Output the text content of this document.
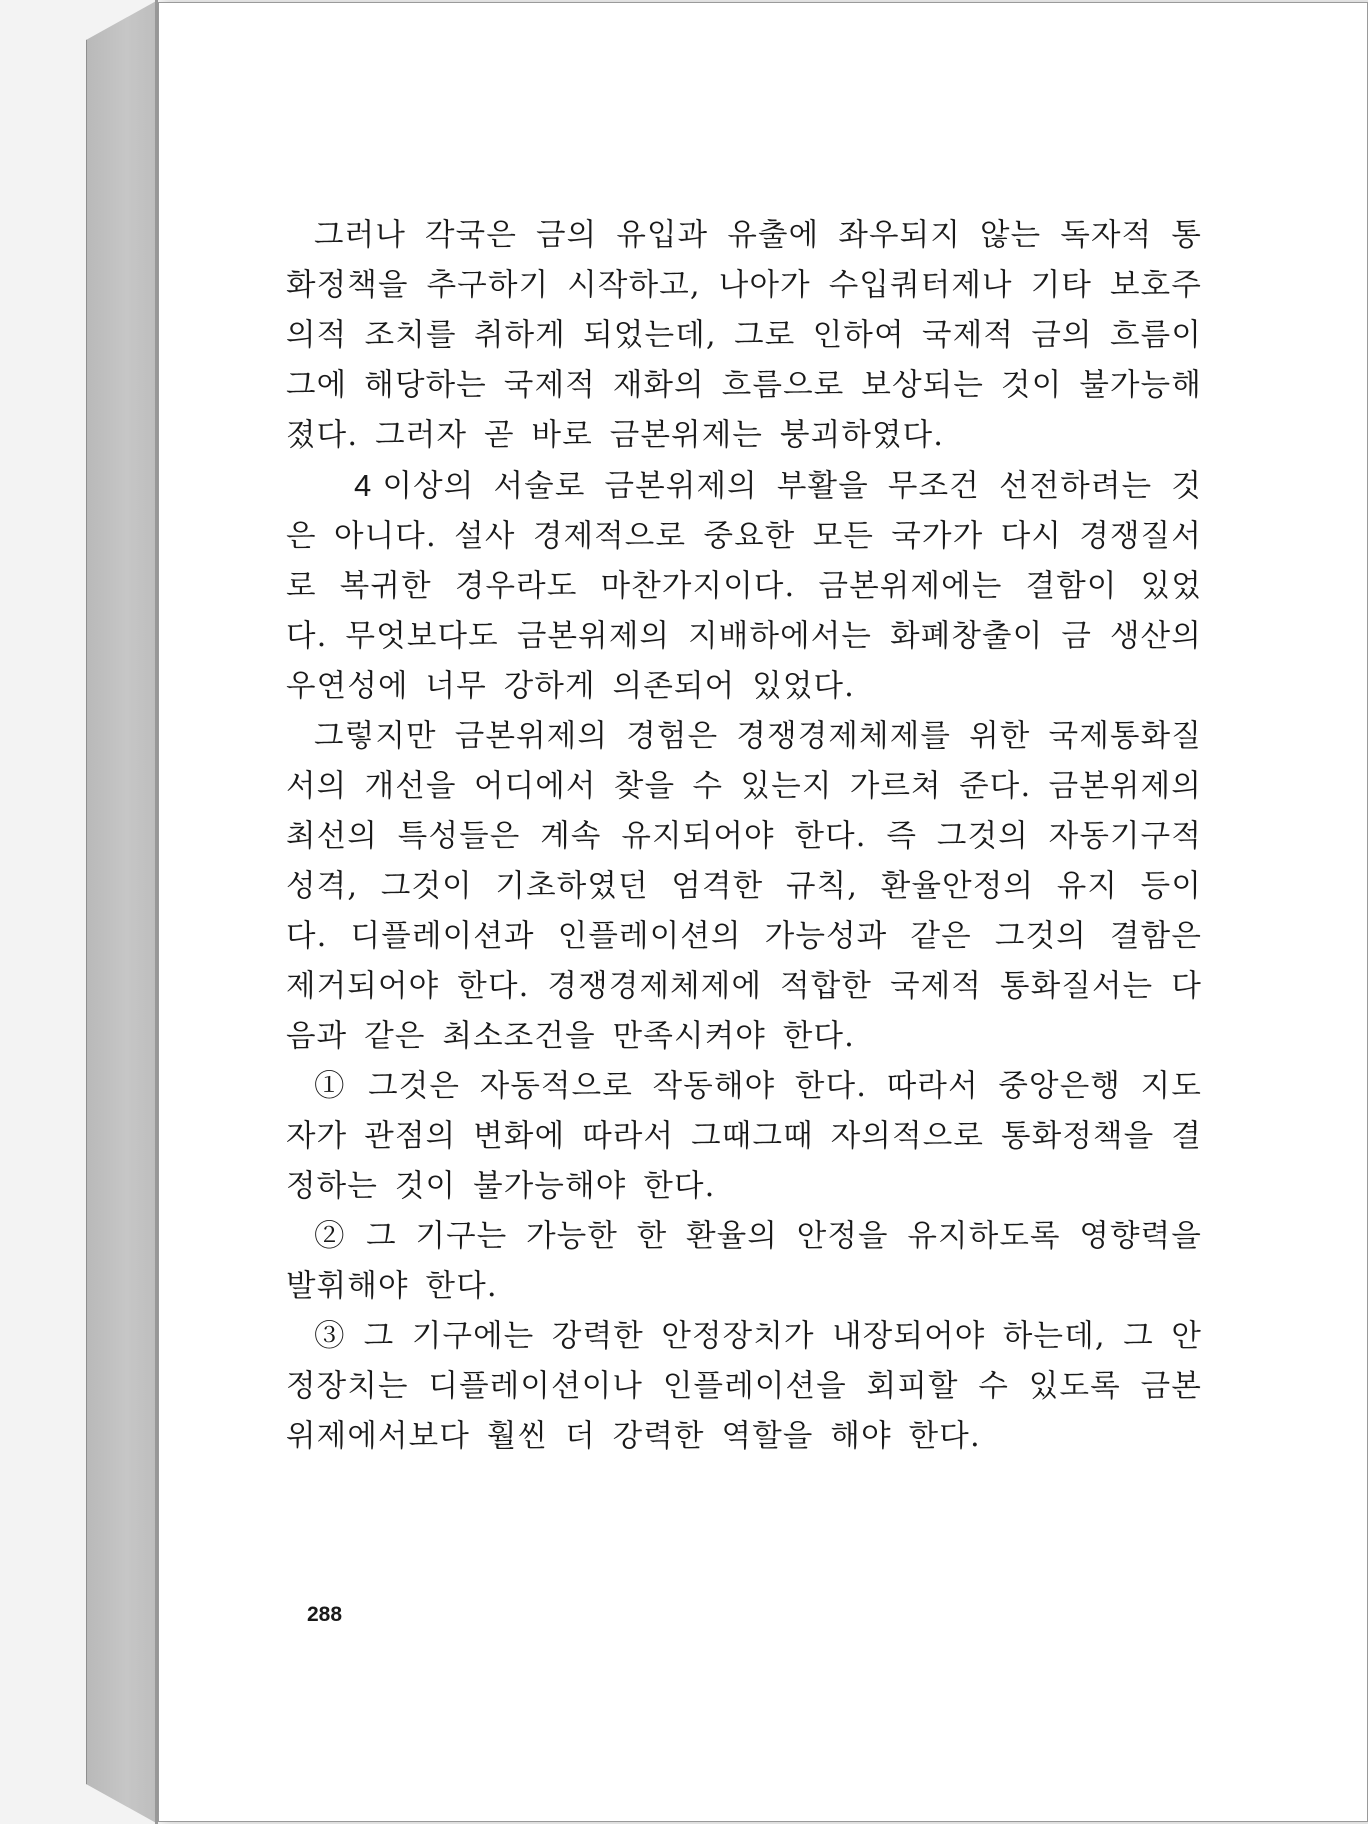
그러나 각국은 금의 유입과 유출에 좌우되지 않는 독자적 통화정책을 추구하기 시작하고, 나아가 수입쿼터제나 기타 보호주의적 조치를 취하게 되었는데, 그로 인하여 국제적 금의 흐름이 그에 해당하는 국제적 재화의 흐름으로 보상되는 것이 불가능해졌다. 그러자 곧 바로 금본위제는 붕괴하였다.

4 이상의 서술로 금본위제의 부활을 무조건 선전하려는 것은 아니다. 설사 경제적으로 중요한 모든 국가가 다시 경쟁질서로 복귀한 경우라도 마찬가지이다. 금본위제에는 결함이 있었다. 무엇보다도 금본위제의 지배하에서는 화폐창출이 금 생산의 우연성에 너무 강하게 의존되어 있었다.

그렇지만 금본위제의 경험은 경쟁경제체제를 위한 국제통화질서의 개선을 어디에서 찾을 수 있는지 가르쳐 준다. 금본위제의 최선의 특성들은 계속 유지되어야 한다. 즉 그것의 자동기구적 성격, 그것이 기초하였던 엄격한 규칙, 환율안정의 유지 등이다. 디플레이션과 인플레이션의 가능성과 같은 그것의 결함은 제거되어야 한다. 경쟁경제체제에 적합한 국제적 통화질서는 다음과 같은 최소조건을 만족시켜야 한다.

① 그것은 자동적으로 작동해야 한다. 따라서 중앙은행 지도자가 관점의 변화에 따라서 그때그때 자의적으로 통화정책을 결정하는 것이 불가능해야 한다.

② 그 기구는 가능한 한 환율의 안정을 유지하도록 영향력을 발휘해야 한다.

③ 그 기구에는 강력한 안정장치가 내장되어야 하는데, 그 안정장치는 디플레이션이나 인플레이션을 회피할 수 있도록 금본위제에서보다 훨씬 더 강력한 역할을 해야 한다.

288
